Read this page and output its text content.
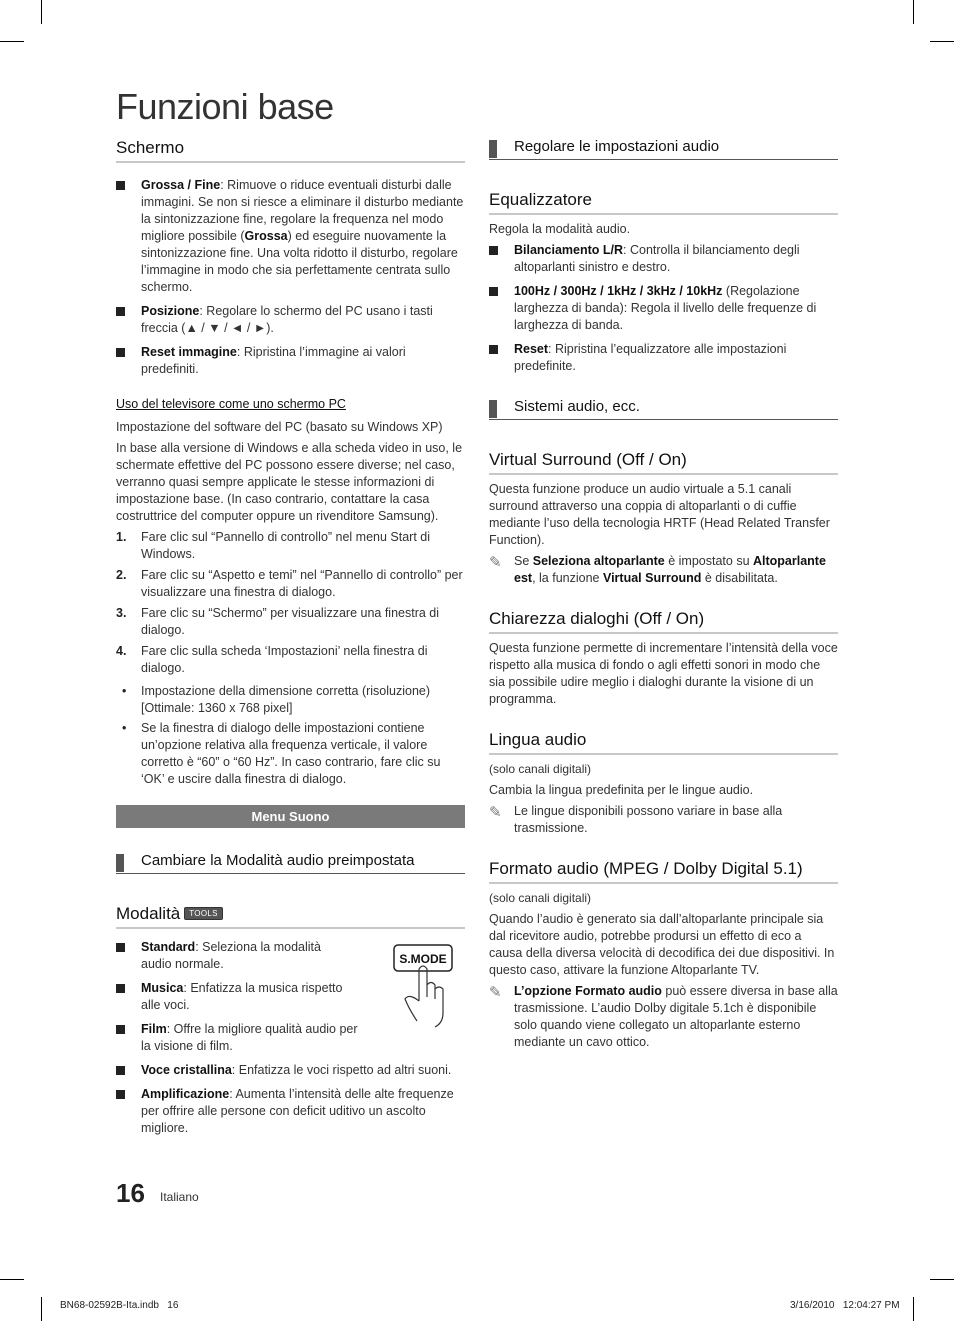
Funzioni base
Schermo
Grossa / Fine: Rimuove o riduce eventuali disturbi dalle immagini. Se non si riesce a eliminare il disturbo mediante la sintonizzazione fine, regolare la frequenza nel modo migliore possibile (Grossa) ed eseguire nuovamente la sintonizzazione fine. Una volta ridotto il disturbo, regolare l’immagine in modo che sia perfettamente centrata sullo schermo.
Posizione: Regolare lo schermo del PC usano i tasti freccia (▲ / ▼ / ◄ / ►).
Reset immagine: Ripristina l’immagine ai valori predefiniti.
Uso del televisore come uno schermo PC

Impostazione del software del PC (basato su Windows XP)

In base alla versione di Windows e alla scheda video in uso, le schermate effettive del PC possono essere diverse; nel caso, verranno quasi sempre applicate le stesse informazioni di impostazione base. (In caso contrario, contattare la casa costruttrice del computer oppure un rivenditore Samsung).

1. Fare clic sul “Pannello di controllo” nel menu Start di Windows.
2. Fare clic su “Aspetto e temi” nel “Pannello di controllo” per visualizzare una finestra di dialogo.
3. Fare clic su “Schermo” per visualizzare una finestra di dialogo.
4. Fare clic sulla scheda ‘Impostazioni’ nella finestra di dialogo.
• Impostazione della dimensione corretta (risoluzione) [Ottimale: 1360 x 768 pixel]
• Se la finestra di dialogo delle impostazioni contiene un’opzione relativa alla frequenza verticale, il valore corretto è “60” o “60 Hz”. In caso contrario, fare clic su ‘OK’ e uscire dalla finestra di dialogo.
Menu Suono
Cambiare la Modalità audio preimpostata
Modalità TOOLS
S.MODE
Standard: Seleziona la modalità audio normale.
Musica: Enfatizza la musica rispetto alle voci.
Film: Offre la migliore qualità audio per la visione di film.
Voce cristallina: Enfatizza le voci rispetto ad altri suoni.
Amplificazione: Aumenta l’intensità delle alte frequenze per offrire alle persone con deficit uditivo un ascolto migliore.
Regolare le impostazioni audio
Equalizzatore

Regola la modalità audio.

Bilanciamento L/R: Controlla il bilanciamento degli altoparlanti sinistro e destro.
100Hz / 300Hz / 1kHz / 3kHz / 10kHz (Regolazione larghezza di banda): Regola il livello delle frequenze di larghezza di banda.
Reset: Ripristina l’equalizzatore alle impostazioni predefinite.
Sistemi audio, ecc.
Virtual Surround (Off / On)

Questa funzione produce un audio virtuale a 5.1 canali surround attraverso una coppia di altoparlanti o di cuffie mediante l’uso della tecnologia HRTF (Head Related Transfer Function).

✎ Se Seleziona altoparlante è impostato su Altoparlante est, la funzione Virtual Surround è disabilitata.
Chiarezza dialoghi (Off / On)

Questa funzione permette di incrementare l’intensità della voce rispetto alla musica di fondo o agli effetti sonori in modo che sia possibile udire meglio i dialoghi durante la visione di un programma.

Lingua audio

(solo canali digitali)

Cambia la lingua predefinita per le lingue audio.

✎ Le lingue disponibili possono variare in base alla trasmissione.
Formato audio (MPEG / Dolby Digital 5.1)

(solo canali digitali)

Quando l’audio è generato sia dall’altoparlante principale sia dal ricevitore audio, potrebbe prodursi un effetto di eco a causa della diversa velocità di decodifica dei due dispositivi. In questo caso, attivare la funzione Altoparlante TV.

✎ L’opzione Formato audio può essere diversa in base alla trasmissione. L’audio Dolby digitale 5.1ch è disponibile solo quando viene collegato un altoparlante esterno mediante un cavo ottico.
16 Italiano
BN68-02592B-Ita.indb   16	3/16/2010   12:04:27 PM
